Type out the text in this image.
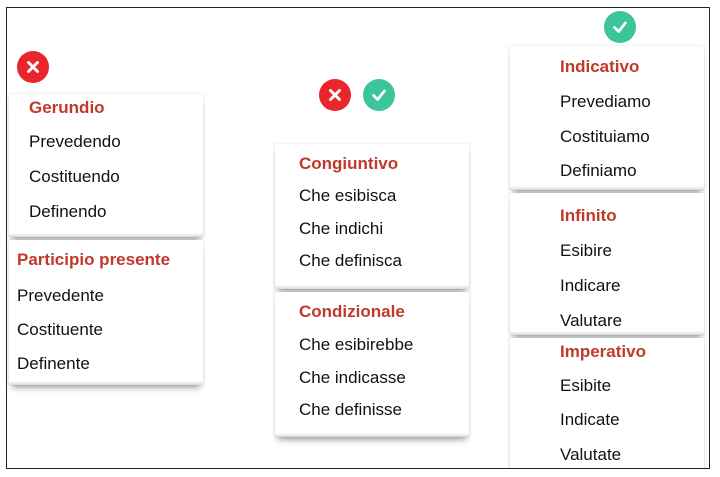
Gerundio
Prevedendo
Costituendo
Definendo
Participio presente
Prevedente
Costituente
Definente
Congiuntivo
Che esibisca
Che indichi
Che definisca
Condizionale
Che esibirebbe
Che indicasse
Che definisse
Indicativo
Prevediamo
Costituiamo
Definiamo
Infinito
Esibire
Indicare
Valutare
Imperativo
Esibite
Indicate
Valutate
